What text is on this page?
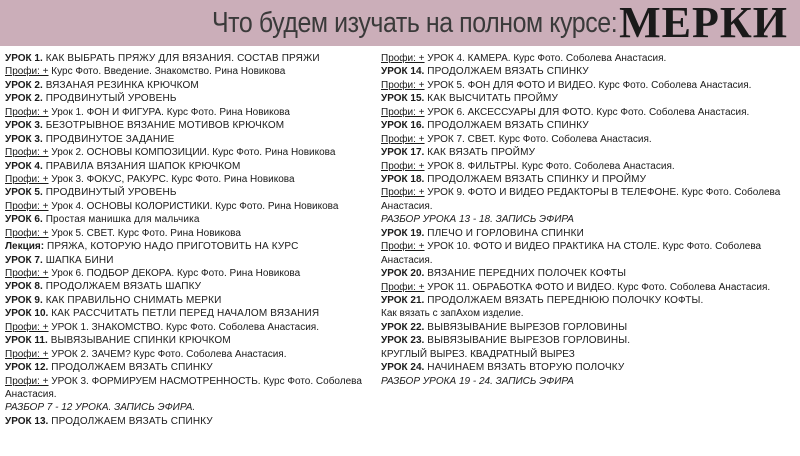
Что будем изучать на полном курсе: МЕРКИ
УРОК 1. КАК ВЫБРАТЬ ПРЯЖУ ДЛЯ ВЯЗАНИЯ. СОСТАВ ПРЯЖИ
Профи: + Курс Фото. Введение. Знакомство. Рина Новикова
УРОК 2. ВЯЗАНАЯ РЕЗИНКА КРЮЧКОМ
УРОК 2. ПРОДВИНУТЫЙ УРОВЕНЬ
Профи: + Урок 1. ФОН И ФИГУРА. Курс Фото. Рина Новикова
УРОК 3. БЕЗОТРЫВНОЕ ВЯЗАНИЕ МОТИВОВ КРЮЧКОМ
УРОК 3. ПРОДВИНУТОЕ ЗАДАНИЕ
Профи: + Урок 2. ОСНОВЫ КОМПОЗИЦИИ. Курс Фото. Рина Новикова
УРОК 4. ПРАВИЛА ВЯЗАНИЯ ШАПОК КРЮЧКОМ
Профи: + Урок 3. ФОКУС, РАКУРС. Курс Фото. Рина Новикова
УРОК 5. ПРОДВИНУТЫЙ УРОВЕНЬ
Профи: + Урок 4. ОСНОВЫ КОЛОРИСТИКИ. Курс Фото. Рина Новикова
УРОК 6. Простая манишка для мальчика
Профи: + Урок 5. СВЕТ. Курс Фото. Рина Новикова
Лекция: ПРЯЖА, КОТОРУЮ НАДО ПРИГОТОВИТЬ НА КУРС
УРОК 7. ШАПКА БИНИ
Профи: + Урок 6. ПОДБОР ДЕКОРА. Курс Фото. Рина Новикова
УРОК 8. ПРОДОЛЖАЕМ ВЯЗАТЬ ШАПКУ
УРОК 9. КАК ПРАВИЛЬНО СНИМАТЬ МЕРКИ
УРОК 10. КАК РАССЧИТАТЬ ПЕТЛИ ПЕРЕД НАЧАЛОМ ВЯЗАНИЯ
Профи: + УРОК 1. ЗНАКОМСТВО. Курс Фото. Соболева Анастасия.
УРОК 11. ВЫВЯЗЫВАНИЕ СПИНКИ КРЮЧКОМ
Профи: + УРОК 2. ЗАЧЕМ? Курс Фото. Соболева Анастасия.
УРОК 12. ПРОДОЛЖАЕМ ВЯЗАТЬ СПИНКУ
Профи: + УРОК 3. ФОРМИРУЕМ НАСМОТРЕННОСТЬ. Курс Фото. Соболева Анастасия.
РАЗБОР 7 - 12 УРОКА. ЗАПИСЬ ЭФИРА.
УРОК 13. ПРОДОЛЖАЕМ ВЯЗАТЬ СПИНКУ
Профи: + УРОК 4. КАМЕРА. Курс Фото. Соболева Анастасия.
УРОК 14. ПРОДОЛЖАЕМ ВЯЗАТЬ СПИНКУ
Профи: + УРОК 5. ФОН ДЛЯ ФОТО И ВИДЕО. Курс Фото. Соболева Анастасия.
УРОК 15. КАК ВЫСЧИТАТЬ ПРОЙМУ
Профи: + УРОК 6. АКСЕССУАРЫ ДЛЯ ФОТО. Курс Фото. Соболева Анастасия.
УРОК 16. ПРОДОЛЖАЕМ ВЯЗАТЬ СПИНКУ
Профи: + УРОК 7. СВЕТ. Курс Фото. Соболева Анастасия.
УРОК 17. КАК ВЯЗАТЬ ПРОЙМУ
Профи: + УРОК 8. ФИЛЬТРЫ. Курс Фото. Соболева Анастасия.
УРОК 18. ПРОДОЛЖАЕМ ВЯЗАТЬ СПИНКУ И ПРОЙМУ
Профи: + УРОК 9. ФОТО И ВИДЕО РЕДАКТОРЫ В ТЕЛЕФОНЕ. Курс Фото. Соболева Анастасия.
РАЗБОР УРОКА 13 - 18. ЗАПИСЬ ЭФИРА
УРОК 19. ПЛЕЧО И ГОРЛОВИНА СПИНКИ
Профи: + УРОК 10. ФОТО И ВИДЕО ПРАКТИКА НА СТОЛЕ. Курс Фото. Соболева Анастасия.
УРОК 20. ВЯЗАНИЕ ПЕРЕДНИХ ПОЛОЧЕК КОФТЫ
Профи: + УРОК 11. ОБРАБОТКА ФОТО И ВИДЕО. Курс Фото. Соболева Анастасия.
УРОК 21. ПРОДОЛЖАЕМ ВЯЗАТЬ ПЕРЕДНЮЮ ПОЛОЧКУ КОФТЫ.
Как вязать с запАхом изделие.
УРОК 22. ВЫВЯЗЫВАНИЕ ВЫРЕЗОВ ГОРЛОВИНЫ
УРОК 23. ВЫВЯЗЫВАНИЕ ВЫРЕЗОВ ГОРЛОВИНЫ.
КРУГЛЫЙ ВЫРЕЗ. КВАДРАТНЫЙ ВЫРЕЗ
УРОК 24. НАЧИНАЕМ ВЯЗАТЬ ВТОРУЮ ПОЛОЧКУ
РАЗБОР УРОКА 19 - 24. ЗАПИСЬ ЭФИРА
